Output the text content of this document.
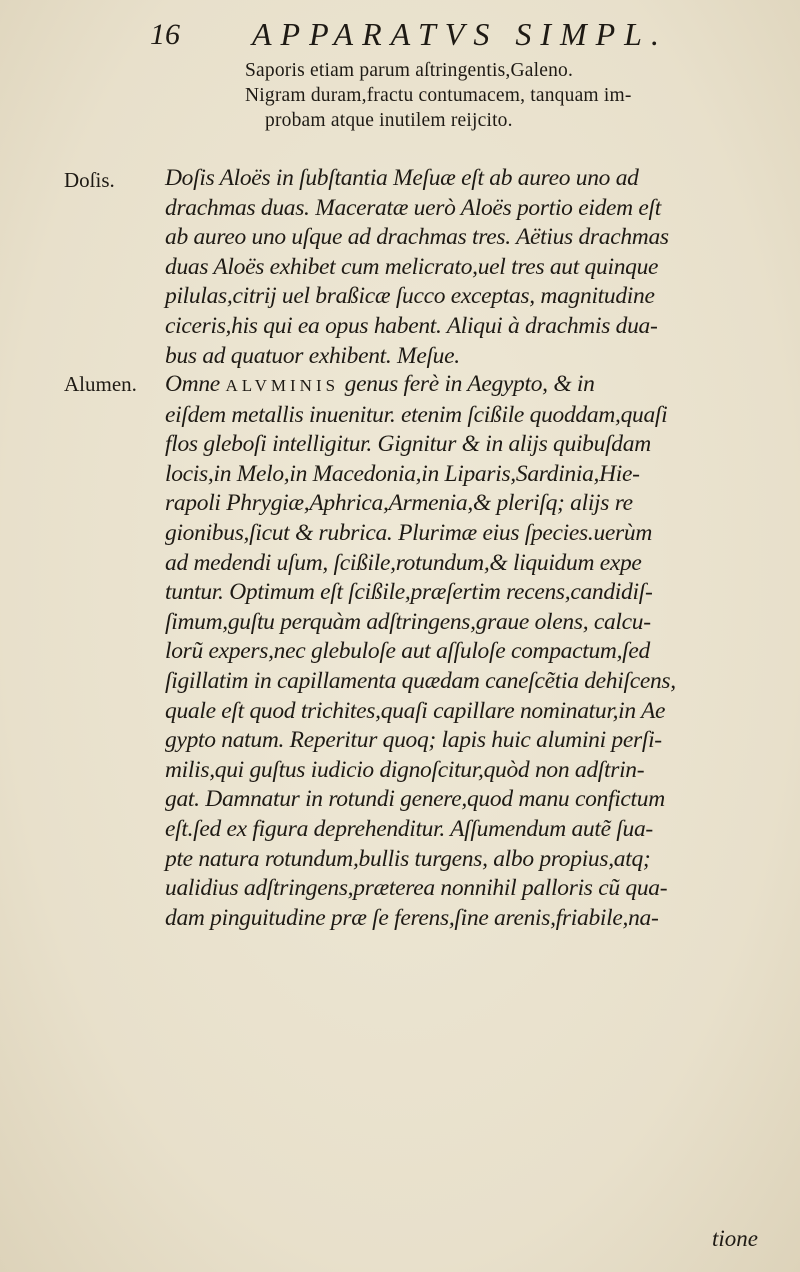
16 APPARATVS SIMPL.
Saporis etiam parum aſtringentis,Galeno.
Nigram duram,fractu contumacem, tanquam im-
probam atque inutilem reijcito.
Doſis. Doſis Aloës in ſubſtantia Meſuæ eſt ab aureo uno ad
drachmas duas. Maceratæ uerò Aloës portio eidem eſt
ab aureo uno uſque ad drachmas tres. Aëtius drachmas
duas Aloës exhibet cum melicrato,uel tres aut quinque
pilulas,citrij uel braßicæ ſucco exceptas, magnitudine
ciceris,his qui ea opus habent. Aliqui à drachmis dua-
bus ad quatuor exhibent. Meſue.
Alumen. Omne ALVMINIS genus ferè in Aegypto, & in
eiſdem metallis inuenitur. etenim ſcißile quoddam,quaſi
flos gleboſi intelligitur. Gignitur & in alijs quibuſdam
locis,in Melo,in Macedonia,in Liparis,Sardinia,Hie-
rapoli Phrygiæ,Aphrica,Armenia,& pleriſq; alijs re
gionibus,ſicut & rubrica. Plurimæ eius ſpecies.uerùm
ad medendi uſum, ſcißile,rotundum,& liquidum expe
tuntur. Optimum eſt ſcißile,præſertim recens,candidiſ-
ſimum,guſtu perquàm adſtringens,graue olens, calcu-
lorũ expers,nec glebuloſe aut aſſuloſe compactum,ſed
ſigillatim in capillamenta quædam caneſcẽtia dehiſcens,
quale eſt quod trichites,quaſi capillare nominatur,in Ae
gypto natum. Reperitur quoq; lapis huic alumini perſi-
milis,qui guſtus iudicio dignoſcitur,quòd non adſtrin-
gat. Damnatur in rotundi genere,quod manu confictum
eſt.ſed ex figura deprehenditur. Aſſumendum autẽ ſua-
pte natura rotundum,bullis turgens, albo propius,atq;
ualidius adſtringens,præterea nonnihil palloris cũ qua-
dam pinguitudine præ ſe ferens,ſine arenis,friabile,na-
tione
